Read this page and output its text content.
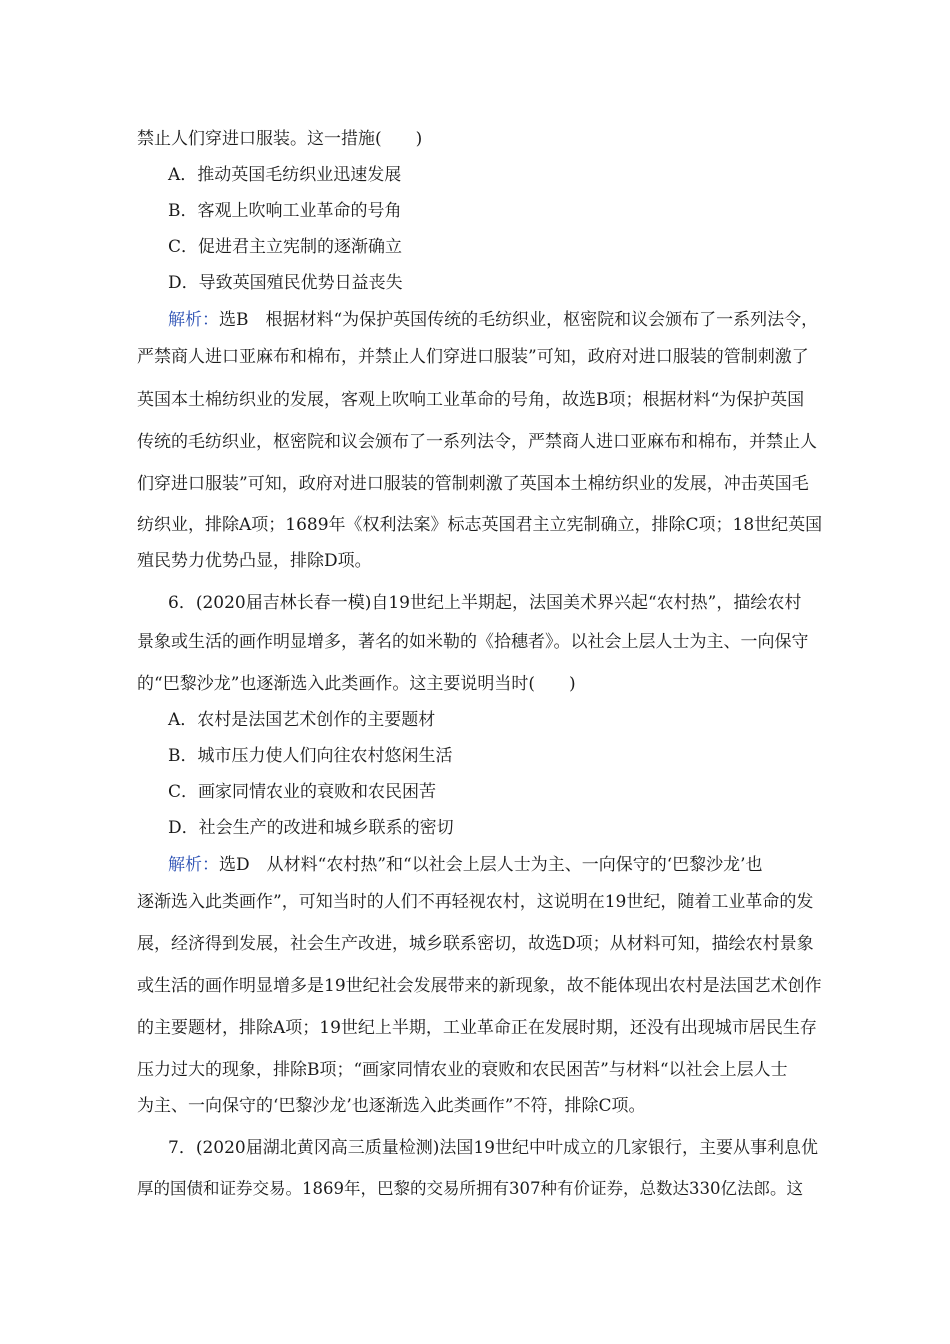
禁止人们穿进口服装。这一措施(　　)
A．推动英国毛纺织业迅速发展
B．客观上吹响工业革命的号角
C．促进君主立宪制的逐渐确立
D．导致英国殖民优势日益丧失
解析：选B　根据材料“为保护英国传统的毛纺织业，枢密院和议会颁布了一系列法令，
严禁商人进口亚麻布和棉布，并禁止人们穿进口服装”可知，政府对进口服装的管制刺激了
英国本土棉纺织业的发展，客观上吹响工业革命的号角，故选B项；根据材料“为保护英国
传统的毛纺织业，枢密院和议会颁布了一系列法令，严禁商人进口亚麻布和棉布，并禁止人
们穿进口服装”可知，政府对进口服装的管制刺激了英国本土棉纺织业的发展，冲击英国毛
纺织业，排除A项；1689年《权利法案》标志英国君主立宪制确立，排除C项；18世纪英国
殖民势力优势凸显，排除D项。
6．(2020届吉林长春一模)自19世纪上半期起，法国美术界兴起“农村热”，描绘农村
景象或生活的画作明显增多，著名的如米勒的《拾穗者》。以社会上层人士为主、一向保守
的“巴黎沙龙”也逐渐选入此类画作。这主要说明当时(　　)
A．农村是法国艺术创作的主要题材
B．城市压力使人们向往农村悠闲生活
C．画家同情农业的衰败和农民困苦
D．社会生产的改进和城乡联系的密切
解析：选D　从材料“农村热”和“以社会上层人士为主、一向保守的‘巴黎沙龙’也
逐渐选入此类画作”，可知当时的人们不再轻视农村，这说明在19世纪，随着工业革命的发
展，经济得到发展，社会生产改进，城乡联系密切，故选D项；从材料可知，描绘农村景象
或生活的画作明显增多是19世纪社会发展带来的新现象，故不能体现出农村是法国艺术创作
的主要题材，排除A项；19世纪上半期，工业革命正在发展时期，还没有出现城市居民生存
压力过大的现象，排除B项；“画家同情农业的衰败和农民困苦”与材料“以社会上层人士
为主、一向保守的‘巴黎沙龙’也逐渐选入此类画作”不符，排除C项。
7．(2020届湖北黄冈高三质量检测)法国19世纪中叶成立的几家银行，主要从事利息优
厚的国债和证券交易。1869年，巴黎的交易所拥有307种有价证券，总数达330亿法郎。这
